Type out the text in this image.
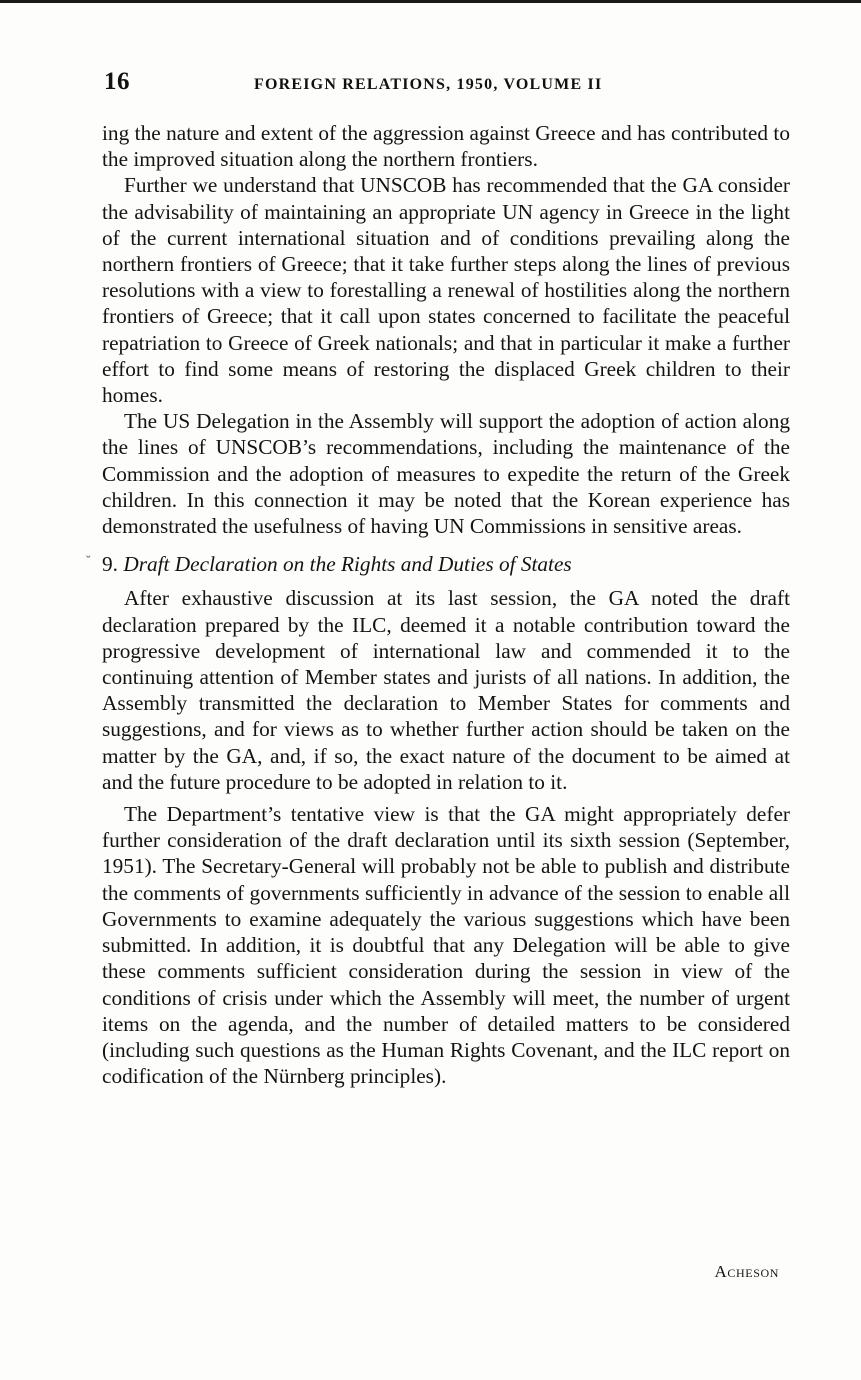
16	FOREIGN RELATIONS, 1950, VOLUME II

ing the nature and extent of the aggression against Greece and has contributed to the improved situation along the northern frontiers.

Further we understand that UNSCOB has recommended that the GA consider the advisability of maintaining an appropriate UN agency in Greece in the light of the current international situation and of conditions prevailing along the northern frontiers of Greece; that it take further steps along the lines of previous resolutions with a view to forestalling a renewal of hostilities along the northern frontiers of Greece; that it call upon states concerned to facilitate the peaceful repatriation to Greece of Greek nationals; and that in particular it make a further effort to find some means of restoring the displaced Greek children to their homes.

The US Delegation in the Assembly will support the adoption of action along the lines of UNSCOB’s recommendations, including the maintenance of the Commission and the adoption of measures to expedite the return of the Greek children. In this connection it may be noted that the Korean experience has demonstrated the usefulness of having UN Commissions in sensitive areas.

˘ 9. Draft Declaration on the Rights and Duties of States

After exhaustive discussion at its last session, the GA noted the draft declaration prepared by the ILC, deemed it a notable contribution toward the progressive development of international law and commended it to the continuing attention of Member states and jurists of all nations. In addition, the Assembly transmitted the declaration to Member States for comments and suggestions, and for views as to whether further action should be taken on the matter by the GA, and, if so, the exact nature of the document to be aimed at and the future procedure to be adopted in relation to it.

The Department’s tentative view is that the GA might appropriately defer further consideration of the draft declaration until its sixth session (September, 1951). The Secretary-General will probably not be able to publish and distribute the comments of governments sufficiently in advance of the session to enable all Governments to examine adequately the various suggestions which have been submitted. In addition, it is doubtful that any Delegation will be able to give these comments sufficient consideration during the session in view of the conditions of crisis under which the Assembly will meet, the number of urgent items on the agenda, and the number of detailed matters to be considered (including such questions as the Human Rights Covenant, and the ILC report on codification of the Nürnberg principles).

Acheson
